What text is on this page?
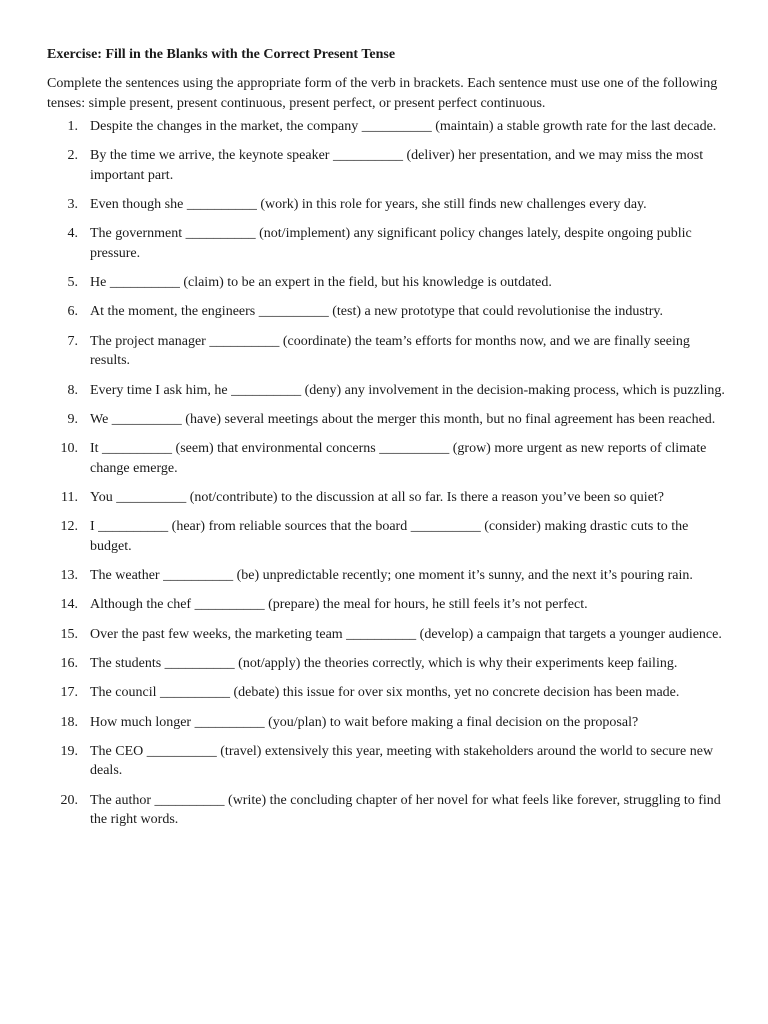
Exercise: Fill in the Blanks with the Correct Present Tense
Complete the sentences using the appropriate form of the verb in brackets. Each sentence must use one of the following tenses: simple present, present continuous, present perfect, or present perfect continuous.
1. Despite the changes in the market, the company __________ (maintain) a stable growth rate for the last decade.
2. By the time we arrive, the keynote speaker __________ (deliver) her presentation, and we may miss the most important part.
3. Even though she __________ (work) in this role for years, she still finds new challenges every day.
4. The government __________ (not/implement) any significant policy changes lately, despite ongoing public pressure.
5. He __________ (claim) to be an expert in the field, but his knowledge is outdated.
6. At the moment, the engineers __________ (test) a new prototype that could revolutionise the industry.
7. The project manager __________ (coordinate) the team’s efforts for months now, and we are finally seeing results.
8. Every time I ask him, he __________ (deny) any involvement in the decision-making process, which is puzzling.
9. We __________ (have) several meetings about the merger this month, but no final agreement has been reached.
10. It __________ (seem) that environmental concerns __________ (grow) more urgent as new reports of climate change emerge.
11. You __________ (not/contribute) to the discussion at all so far. Is there a reason you’ve been so quiet?
12. I __________ (hear) from reliable sources that the board __________ (consider) making drastic cuts to the budget.
13. The weather __________ (be) unpredictable recently; one moment it’s sunny, and the next it’s pouring rain.
14. Although the chef __________ (prepare) the meal for hours, he still feels it’s not perfect.
15. Over the past few weeks, the marketing team __________ (develop) a campaign that targets a younger audience.
16. The students __________ (not/apply) the theories correctly, which is why their experiments keep failing.
17. The council __________ (debate) this issue for over six months, yet no concrete decision has been made.
18. How much longer __________ (you/plan) to wait before making a final decision on the proposal?
19. The CEO __________ (travel) extensively this year, meeting with stakeholders around the world to secure new deals.
20. The author __________ (write) the concluding chapter of her novel for what feels like forever, struggling to find the right words.
